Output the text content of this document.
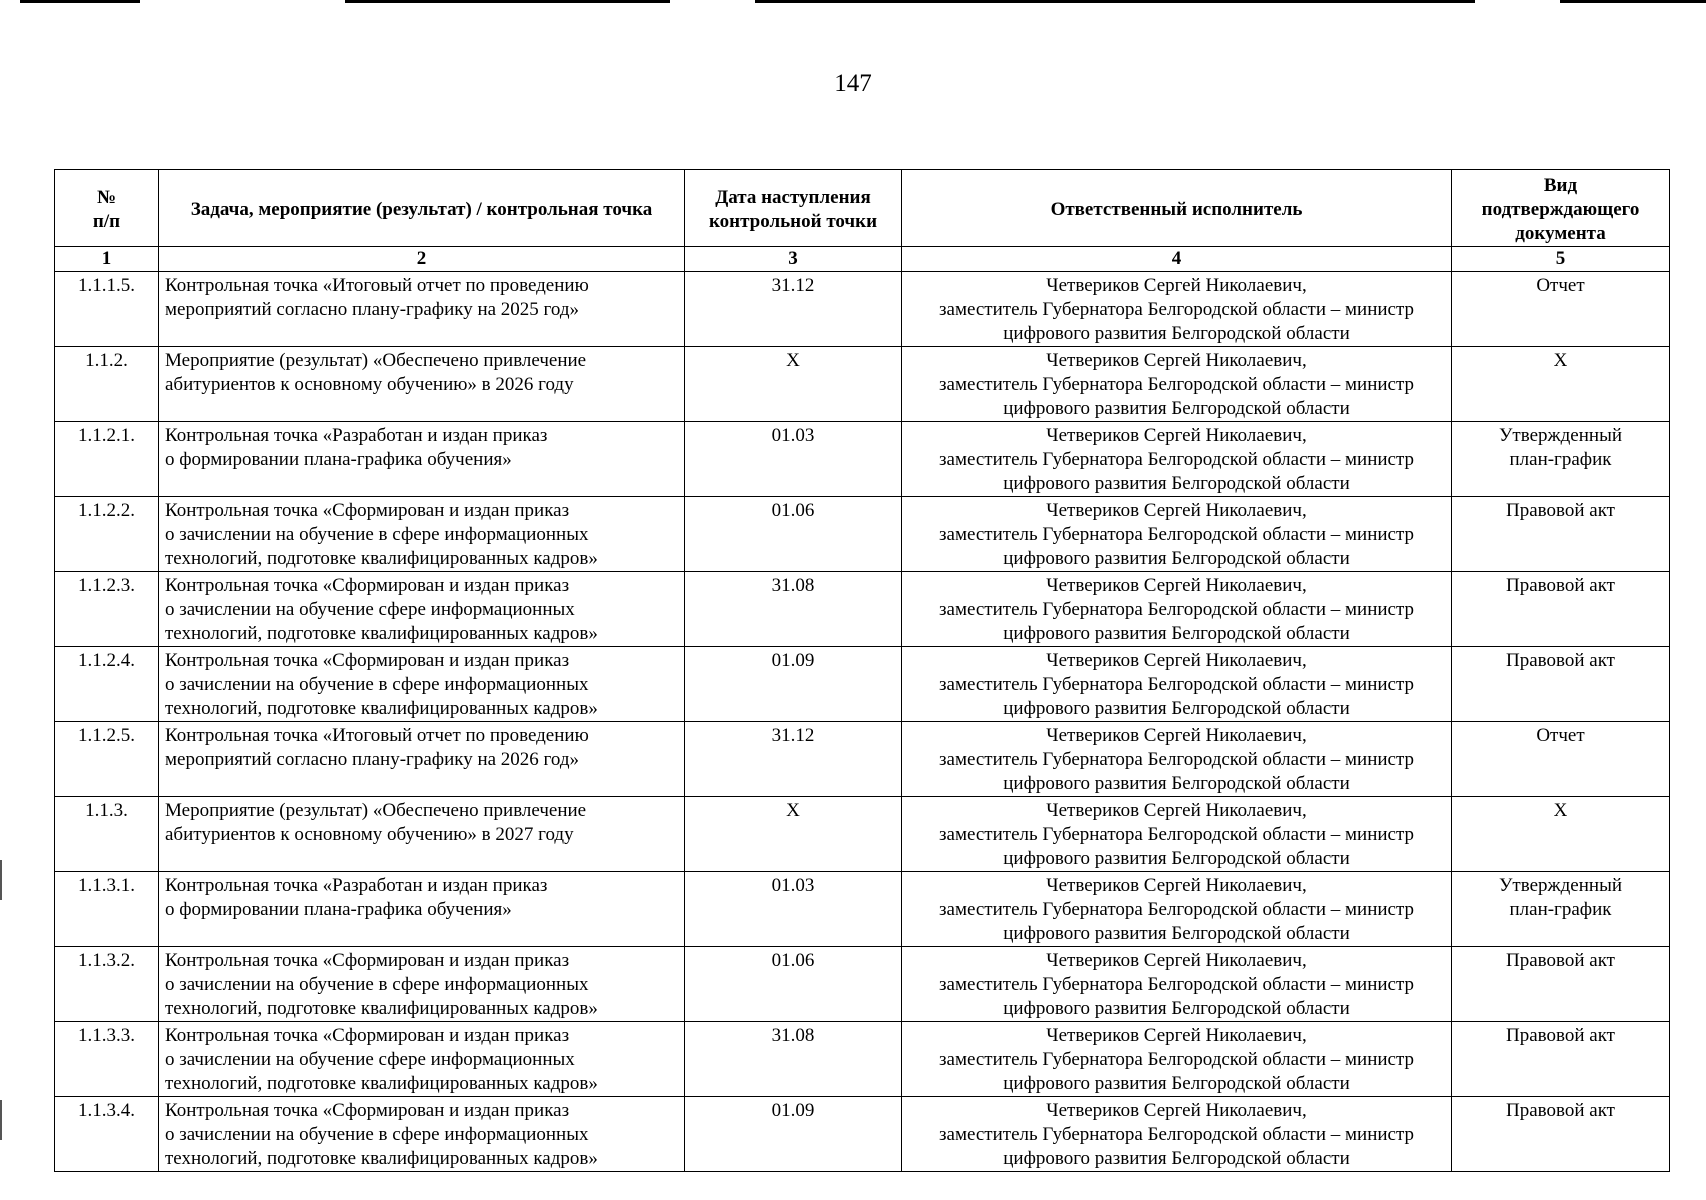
147
№
п/п	Задача, мероприятие (результат) / контрольная точка	Дата наступления
контрольной точки	Ответственный исполнитель	Вид
подтверждающего
документа

1	2	3	4	5
1.1.1.5.	Контрольная точка «Итоговый отчет по проведению
мероприятий согласно плану-графику на 2025 год»	31.12	Четвериков Сергей Николаевич,
заместитель Губернатора Белгородской области – министр
цифрового развития Белгородской области	Отчет

1.1.2.	Мероприятие (результат) «Обеспечено привлечение
абитуриентов к основному обучению» в 2026 году	X	Четвериков Сергей Николаевич,
заместитель Губернатора Белгородской области – министр
цифрового развития Белгородской области	X

1.1.2.1.	Контрольная точка «Разработан и издан приказ
о формировании плана-графика обучения»	01.03	Четвериков Сергей Николаевич,
заместитель Губернатора Белгородской области – министр
цифрового развития Белгородской области	Утвержденный
план-график

1.1.2.2.	Контрольная точка «Сформирован и издан приказ
о зачислении на обучение в сфере информационных
технологий, подготовке квалифицированных кадров»	01.06	Четвериков Сергей Николаевич,
заместитель Губернатора Белгородской области – министр
цифрового развития Белгородской области	Правовой акт

1.1.2.3.	Контрольная точка «Сформирован и издан приказ
о зачислении на обучение сфере информационных
технологий, подготовке квалифицированных кадров»	31.08	Четвериков Сергей Николаевич,
заместитель Губернатора Белгородской области – министр
цифрового развития Белгородской области	Правовой акт

1.1.2.4.	Контрольная точка «Сформирован и издан приказ
о зачислении на обучение в сфере информационных
технологий, подготовке квалифицированных кадров»	01.09	Четвериков Сергей Николаевич,
заместитель Губернатора Белгородской области – министр
цифрового развития Белгородской области	Правовой акт

1.1.2.5.	Контрольная точка «Итоговый отчет по проведению
мероприятий согласно плану-графику на 2026 год»	31.12	Четвериков Сергей Николаевич,
заместитель Губернатора Белгородской области – министр
цифрового развития Белгородской области	Отчет

1.1.3.	Мероприятие (результат) «Обеспечено привлечение
абитуриентов к основному обучению» в 2027 году	X	Четвериков Сергей Николаевич,
заместитель Губернатора Белгородской области – министр
цифрового развития Белгородской области	X

1.1.3.1.	Контрольная точка «Разработан и издан приказ
о формировании плана-графика обучения»	01.03	Четвериков Сергей Николаевич,
заместитель Губернатора Белгородской области – министр
цифрового развития Белгородской области	Утвержденный
план-график

1.1.3.2.	Контрольная точка «Сформирован и издан приказ
о зачислении на обучение в сфере информационных
технологий, подготовке квалифицированных кадров»	01.06	Четвериков Сергей Николаевич,
заместитель Губернатора Белгородской области – министр
цифрового развития Белгородской области	Правовой акт

1.1.3.3.	Контрольная точка «Сформирован и издан приказ
о зачислении на обучение сфере информационных
технологий, подготовке квалифицированных кадров»	31.08	Четвериков Сергей Николаевич,
заместитель Губернатора Белгородской области – министр
цифрового развития Белгородской области	Правовой акт

1.1.3.4.	Контрольная точка «Сформирован и издан приказ
о зачислении на обучение в сфере информационных
технологий, подготовке квалифицированных кадров»	01.09	Четвериков Сергей Николаевич,
заместитель Губернатора Белгородской области – министр
цифрового развития Белгородской области	Правовой акт
